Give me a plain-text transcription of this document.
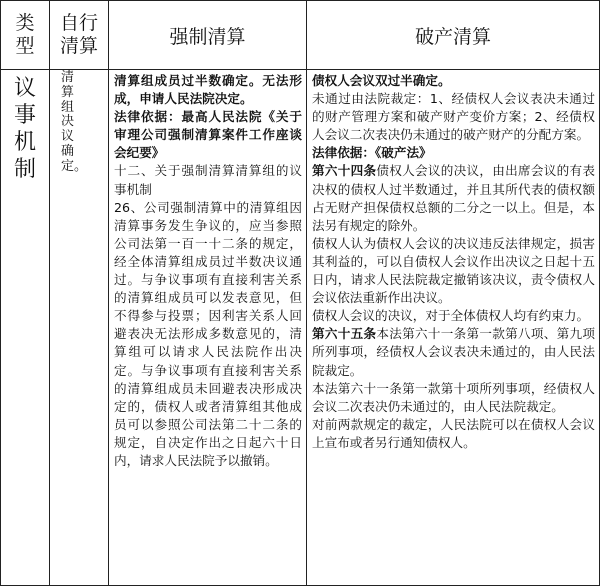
类
型
自行
清算	强制清算	破产清算
议
事
机
制
清算组决议确定。

清算组成员过半数确定。无法形成，申请人民法院决定。

法律依据：最高人民法院《关于审理公司强制清算案件工作座谈会纪要》

十二、关于强制清算清算组的议事机制

26、公司强制清算中的清算组因清算事务发生争议的，应当参照公司法第一百一十二条的规定，经全体清算组成员过半数决议通过。与争议事项有直接利害关系的清算组成员可以发表意见，但不得参与投票；因利害关系人回避表决无法形成多数意见的，清算组可以请求人民法院作出决定。与争议事项有直接利害关系的清算组成员未回避表决形成决定的，债权人或者清算组其他成员可以参照公司法第二十二条的规定，自决定作出之日起六十日内，请求人民法院予以撤销。

债权人会议双过半确定。

未通过由法院裁定：1、经债权人会议表决未通过的财产管理方案和破产财产变价方案；2、经债权人会议二次表决仍未通过的破产财产的分配方案。

法律依据：《破产法》

第六十四条债权人会议的决议，由出席会议的有表决权的债权人过半数通过，并且其所代表的债权额占无财产担保债权总额的二分之一以上。但是，本法另有规定的除外。

债权人认为债权人会议的决议违反法律规定，损害其利益的，可以自债权人会议作出决议之日起十五日内，请求人民法院裁定撤销该决议，责令债权人会议依法重新作出决议。

债权人会议的决议，对于全体债权人均有约束力。

第六十五条本法第六十一条第一款第八项、第九项所列事项，经债权人会议表决未通过的，由人民法院裁定。

本法第六十一条第一款第十项所列事项，经债权人会议二次表决仍未通过的，由人民法院裁定。

对前两款规定的裁定，人民法院可以在债权人会议上宣布或者另行通知债权人。
